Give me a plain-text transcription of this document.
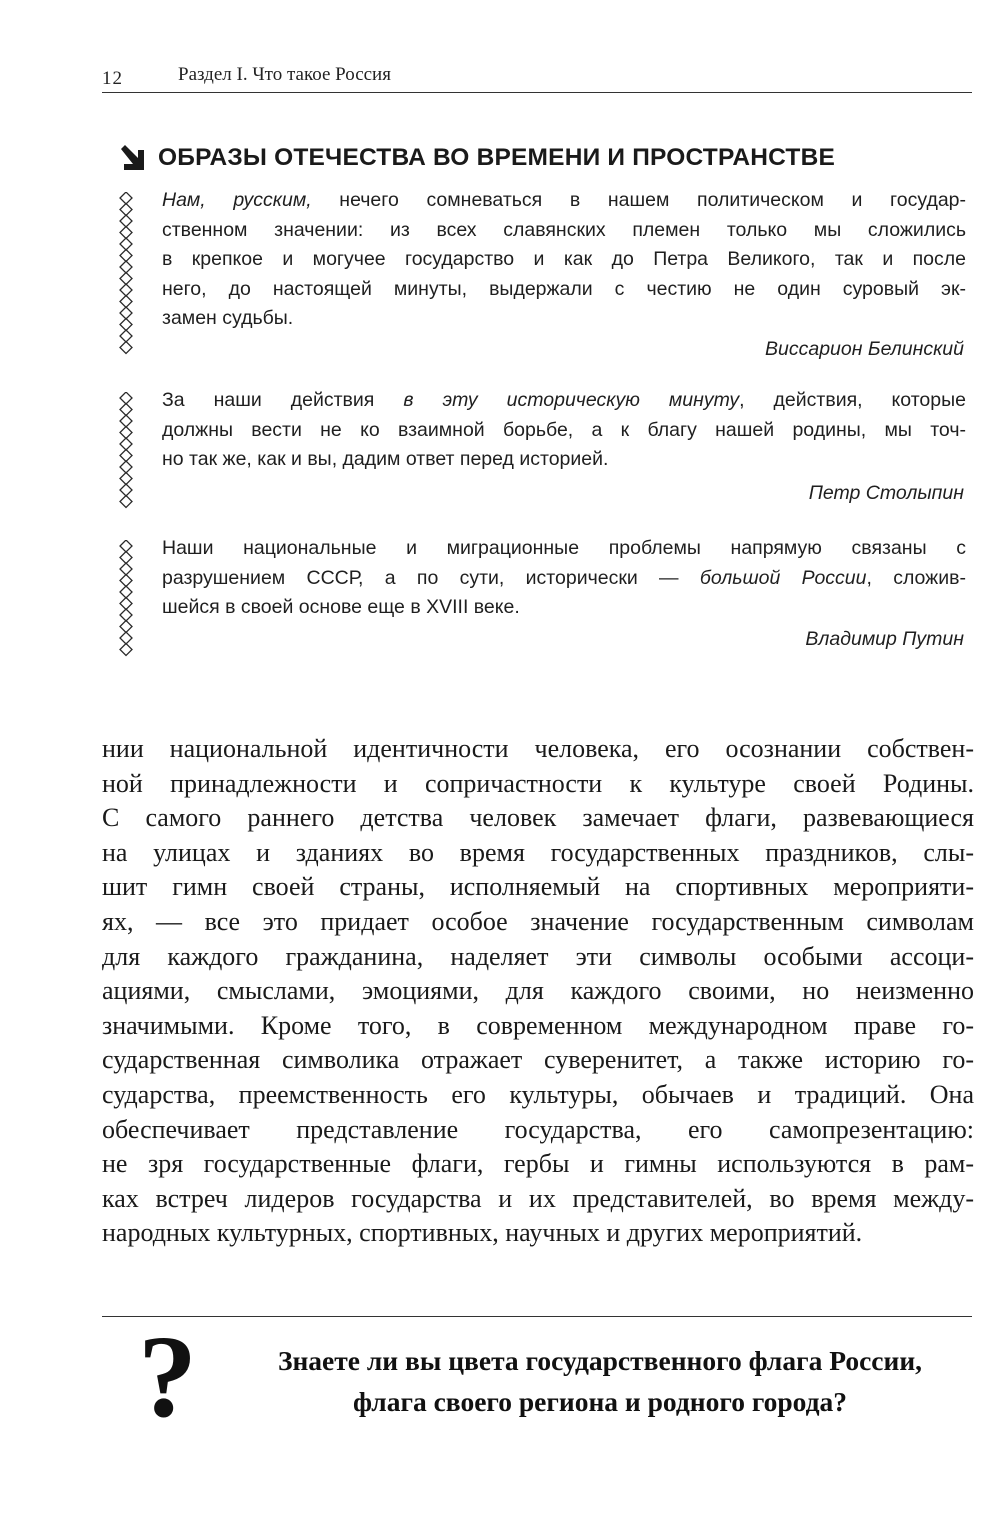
12	Раздел I. Что такое Россия
ОБРАЗЫ ОТЕЧЕСТВА ВО ВРЕМЕНИ И ПРОСТРАНСТВЕ
Нам, русским, нечего сомневаться в нашем политическом и государ-
ственном значении: из всех славянских племен только мы сложились
в крепкое и могучее государство и как до Петра Великого, так и после
него, до настоящей минуты, выдержали с честию не один суровый эк-
замен судьбы.
Виссарион Белинский
За наши действия в эту историческую минуту, действия, которые
должны вести не ко взаимной борьбе, а к благу нашей родины, мы точ-
но так же, как и вы, дадим ответ перед историей.
Петр Столыпин
Наши национальные и миграционные проблемы напрямую связаны с
разрушением СССР, а по сути, исторически — большой России, сложив-
шейся в своей основе еще в XVIII веке.
Владимир Путин
нии национальной идентичности человека, его осознании собствен-
ной принадлежности и сопричастности к культуре своей Родины.
С самого раннего детства человек замечает флаги, развевающиеся
на улицах и зданиях во время государственных праздников, слы-
шит гимн своей страны, исполняемый на спортивных мероприяти-
ях, — все это придает особое значение государственным символам
для каждого гражданина, наделяет эти символы особыми ассоци-
ациями, смыслами, эмоциями, для каждого своими, но неизменно
значимыми. Кроме того, в современном международном праве го-
сударственная символика отражает суверенитет, а также историю го-
сударства, преемственность его культуры, обычаев и традиций. Она
обеспечивает представление государства, его самопрезентацию:
не зря государственные флаги, гербы и гимны используются в рам-
ках встреч лидеров государства и их представителей, во время между-
народных культурных, спортивных, научных и других мероприятий.
?	Знаете ли вы цвета государственного флага России,
флага своего региона и родного города?
